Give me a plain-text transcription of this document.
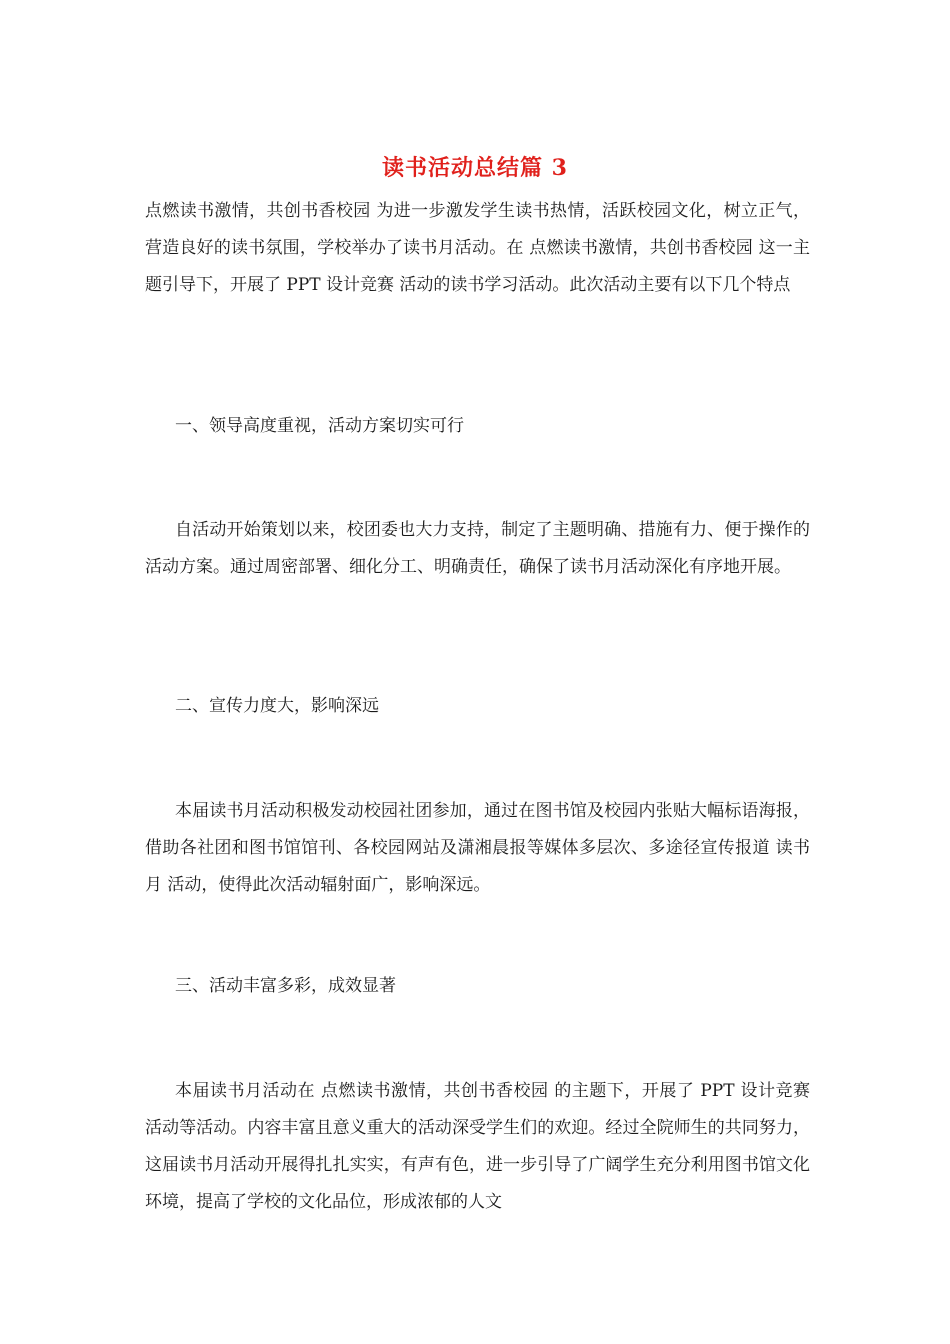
读书活动总结篇 3

点燃读书激情，共创书香校园 为进一步激发学生读书热情，活跃校园文化，树立正气，营造良好的读书氛围，学校举办了读书月活动。在 点燃读书激情，共创书香校园 这一主题引导下，开展了 PPT 设计竞赛 活动的读书学习活动。此次活动主要有以下几个特点

一、领导高度重视，活动方案切实可行

自活动开始策划以来，校团委也大力支持，制定了主题明确、措施有力、便于操作的活动方案。通过周密部署、细化分工、明确责任，确保了读书月活动深化有序地开展。

二、宣传力度大，影响深远

本届读书月活动积极发动校园社团参加，通过在图书馆及校园内张贴大幅标语海报，借助各社团和图书馆馆刊、各校园网站及潇湘晨报等媒体多层次、多途径宣传报道 读书月 活动，使得此次活动辐射面广，影响深远。

三、活动丰富多彩，成效显著

本届读书月活动在 点燃读书激情，共创书香校园 的主题下，开展了 PPT 设计竞赛 活动等活动。内容丰富且意义重大的活动深受学生们的欢迎。经过全院师生的共同努力，这届读书月活动开展得扎扎实实，有声有色，进一步引导了广阔学生充分利用图书馆文化环境，提高了学校的文化品位，形成浓郁的人文
